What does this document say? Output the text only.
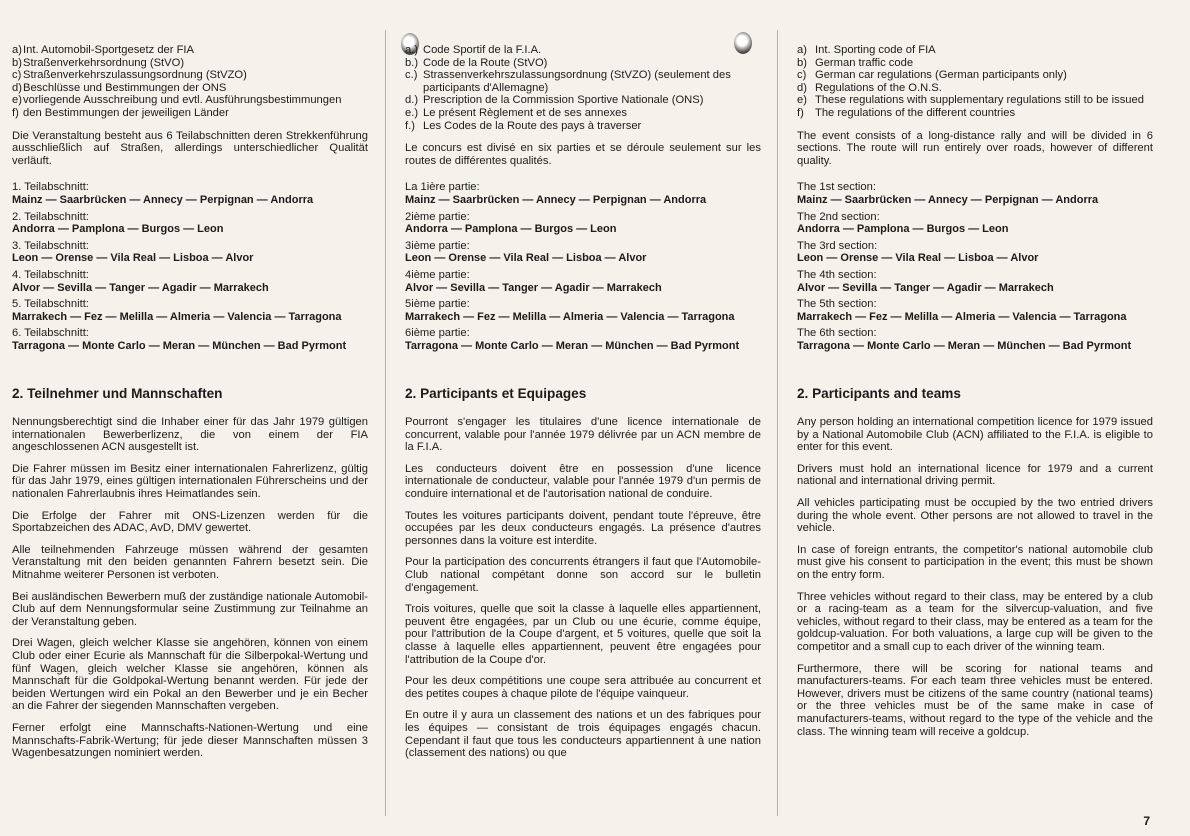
a) Int. Automobil-Sportgesetz der FIA
b) Straßenverkehrsordnung (StVO)
c) Straßenverkehrszulassungsordnung (StVZO)
d) Beschlüsse und Bestimmungen der ONS
e) vorliegende Ausschreibung und evtl. Ausführungsbestimmungen
f) den Bestimmungen der jeweiligen Länder

Die Veranstaltung besteht aus 6 Teilabschnitten deren Strekkenführung ausschließlich auf Straßen, allerdings unterschiedlicher Qualität verläuft.

1. Teilabschnitt:
Mainz — Saarbrücken — Annecy — Perpignan — Andorra
2. Teilabschnitt:
Andorra — Pamplona — Burgos — Leon
3. Teilabschnitt:
Leon — Orense — Vila Real — Lisboa — Alvor
4. Teilabschnitt:
Alvor — Sevilla — Tanger — Agadir — Marrakech
5. Teilabschnitt:
Marrakech — Fez — Melilla — Almeria — Valencia — Tarragona
6. Teilabschnitt:
Tarragona — Monte Carlo — Meran — München — Bad Pyrmont
2. Teilnehmer und Mannschaften

Nennungsberechtigt sind die Inhaber einer für das Jahr 1979 gültigen internationalen Bewerberlizenz, die von einem der FIA angeschlossenen ACN ausgestellt ist.

Die Fahrer müssen im Besitz einer internationalen Fahrerlizenz, gültig für das Jahr 1979, eines gültigen internationalen Führerscheins und der nationalen Fahrerlaubnis ihres Heimatlandes sein.

Die Erfolge der Fahrer mit ONS-Lizenzen werden für die Sportabzeichen des ADAC, AvD, DMV gewertet.

Alle teilnehmenden Fahrzeuge müssen während der gesamten Veranstaltung mit den beiden genannten Fahrern besetzt sein. Die Mitnahme weiterer Personen ist verboten.

Bei ausländischen Bewerbern muß der zuständige nationale Automobil-Club auf dem Nennungsformular seine Zustimmung zur Teilnahme an der Veranstaltung geben.

Drei Wagen, gleich welcher Klasse sie angehören, können von einem Club oder einer Ecurie als Mannschaft für die Silberpokal-Wertung und fünf Wagen, gleich welcher Klasse sie angehören, können als Mannschaft für die Goldpokal-Wertung benannt werden. Für jede der beiden Wertungen wird ein Pokal an den Bewerber und je ein Becher an die Fahrer der siegenden Mannschaften vergeben.

Ferner erfolgt eine Mannschafts-Nationen-Wertung und eine Mannschafts-Fabrik-Wertung; für jede dieser Mannschaften müssen 3 Wagenbesatzungen nominiert werden.

a.) Code Sportif de la F.I.A.
b.) Code de la Route (StVO)
c.) Strassenverkehrszulassungsordnung (StVZO) (seulement des participants d'Allemagne)
d.) Prescription de la Commission Sportive Nationale (ONS)
e.) Le présent Règlement et de ses annexes
f.) Les Codes de la Route des pays à traverser

Le concurs est divisé en six parties et se déroule seulement sur les routes de différentes qualités.

La 1ière partie:
Mainz — Saarbrücken — Annecy — Perpignan — Andorra
2ième partie:
Andorra — Pamplona — Burgos — Leon
3ième partie:
Leon — Orense — Vila Real — Lisboa — Alvor
4ième partie:
Alvor — Sevilla — Tanger — Agadir — Marrakech
5ième partie:
Marrakech — Fez — Melilla — Almeria — Valencia — Tarragona
6ième partie:
Tarragona — Monte Carlo — Meran — München — Bad Pyrmont
2. Participants et Equipages

Pourront s'engager les titulaires d'une licence internationale de concurrent, valable pour l'année 1979 délivrée par un ACN membre de la F.I.A.

Les conducteurs doivent être en possession d'une licence internationale de conducteur, valable pour l'année 1979 d'un permis de conduire international et de l'autorisation national de conduire.

Toutes les voitures participants doivent, pendant toute l'épreuve, être occupées par les deux conducteurs engagés. La présence d'autres personnes dans la voiture est interdite.

Pour la participation des concurrents étrangers il faut que l'Automobile-Club national compétant donne son accord sur le bulletin d'engagement.

Trois voitures, quelle que soit la classe à laquelle elles appartiennent, peuvent être engagées, par un Club ou une écurie, comme équipe, pour l'attribution de la Coupe d'argent, et 5 voitures, quelle que soit la classe à laquelle elles appartiennent, peuvent être engagées pour l'attribution de la Coupe d'or.

Pour les deux compétitions une coupe sera attribuée au concurrent et des petites coupes à chaque pilote de l'équipe vainqueur.

En outre il y aura un classement des nations et un des fabriques pour les équipes — consistant de trois équipages engagés chacun. Cependant il faut que tous les conducteurs appartiennent à une nation (classement des nations) ou que

a) Int. Sporting code of FIA
b) German traffic code
c) German car regulations (German participants only)
d) Regulations of the O.N.S.
e) These regulations with supplementary regulations still to be issued
f) The regulations of the different countries

The event consists of a long-distance rally and will be divided in 6 sections. The route will run entirely over roads, however of different quality.

The 1st section:
Mainz — Saarbrücken — Annecy — Perpignan — Andorra
The 2nd section:
Andorra — Pamplona — Burgos — Leon
The 3rd section:
Leon — Orense — Vila Real — Lisboa — Alvor
The 4th section:
Alvor — Sevilla — Tanger — Agadir — Marrakech
The 5th section:
Marrakech — Fez — Melilla — Almeria — Valencia — Tarragona
The 6th section:
Tarragona — Monte Carlo — Meran — München — Bad Pyrmont
2. Participants and teams

Any person holding an international competition licence for 1979 issued by a National Automobile Club (ACN) affiliated to the F.I.A. is eligible to enter for this event.

Drivers must hold an international licence for 1979 and a current national and international driving permit.

All vehicles participating must be occupied by the two entried drivers during the whole event. Other persons are not allowed to travel in the vehicle.

In case of foreign entrants, the competitor's national automobile club must give his consent to participation in the event; this must be shown on the entry form.

Three vehicles without regard to their class, may be entered by a club or a racing-team as a team for the silvercup-valuation, and five vehicles, without regard to their class, may be entered as a team for the goldcup-valuation. For both valuations, a large cup will be given to the competitor and a small cup to each driver of the winning team.

Furthermore, there will be scoring for national teams and manufacturers-teams. For each team three vehicles must be entered. However, drivers must be citizens of the same country (national teams) or the three vehicles must be of the same make in case of manufacturers-teams, without regard to the type of the vehicle and the class. The winning team will receive a goldcup.

7
